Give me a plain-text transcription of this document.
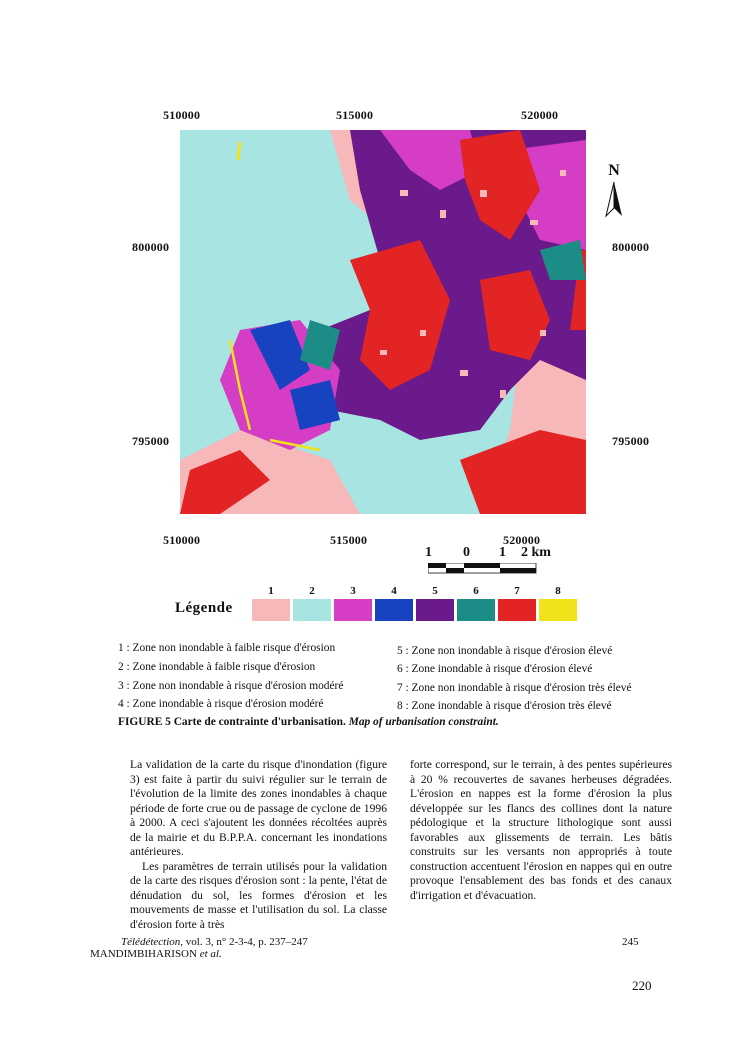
510000	515000	520000
800000
795000
800000
795000
N
510000	515000	520000
1 0 1 2 km
Légende
1	2	3	4	5	6	7	8
1 : Zone non inondable à faible risque d'érosion
2 : Zone inondable à faible risque d'érosion
3 : Zone non inondable à risque d'érosion modéré
4 : Zone inondable à risque d'érosion modéré
5 : Zone non inondable à risque d'érosion élevé
6 : Zone inondable à risque d'érosion élevé
7 : Zone non inondable à risque d'érosion très élevé
8 : Zone inondable à risque d'érosion très élevé
FIGURE 5 Carte de contrainte d'urbanisation. Map of urbanisation constraint.

La validation de la carte du risque d'inondation (figure 3) est faite à partir du suivi régulier sur le terrain de l'évolution de la limite des zones inondables à chaque période de forte crue ou de passage de cyclone de 1996 à 2000. A ceci s'ajoutent les données récoltées auprès de la mairie et du B.P.P.A. concernant les inondations antérieures.

Les paramètres de terrain utilisés pour la validation de la carte des risques d'érosion sont : la pente, l'état de dénudation du sol, les formes d'érosion et les mouvements de masse et l'utilisation du sol. La classe d'érosion forte à très

forte correspond, sur le terrain, à des pentes supérieures à 20 % recouvertes de savanes herbeuses dégradées. L'érosion en nappes est la forme d'érosion la plus développée sur les flancs des collines dont la nature pédologique et la structure lithologique sont aussi favorables aux glissements de terrain. Les bâtis construits sur les versants non appropriés à toute construction accentuent l'érosion en nappes qui en outre provoque l'ensablement des bas fonds et des canaux d'irrigation et d'évacuation.

Télédétection, vol. 3, n° 2-3-4, p. 237–247	245
MANDIMBIHARISON et al.
220
